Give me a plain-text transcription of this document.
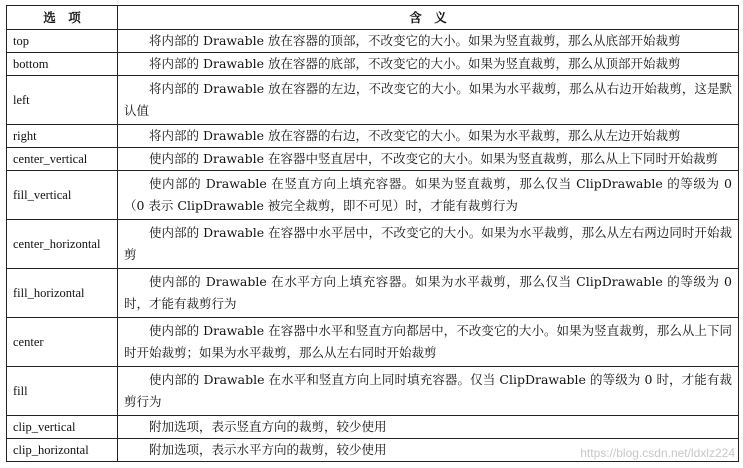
选　项	含　义
top	将内部的 Drawable 放在容器的顶部，不改变它的大小。如果为竖直裁剪，那么从底部开始裁剪
bottom	将内部的 Drawable 放在容器的底部，不改变它的大小。如果为竖直裁剪，那么从顶部开始裁剪
left	将内部的 Drawable 放在容器的左边，不改变它的大小。如果为水平裁剪，那么从右边开始裁剪，这是默认值
right	将内部的 Drawable 放在容器的右边，不改变它的大小。如果为水平裁剪，那么从左边开始裁剪
center_vertical	使内部的 Drawable 在容器中竖直居中，不改变它的大小。如果为竖直裁剪，那么从上下同时开始裁剪
fill_vertical	使内部的 Drawable 在竖直方向上填充容器。如果为竖直裁剪，那么仅当 ClipDrawable 的等级为 0（0 表示 ClipDrawable 被完全裁剪，即不可见）时，才能有裁剪行为
center_horizontal	使内部的 Drawable 在容器中水平居中，不改变它的大小。如果为水平裁剪，那么从左右两边同时开始裁剪
fill_horizontal	使内部的 Drawable 在水平方向上填充容器。如果为水平裁剪，那么仅当 ClipDrawable 的等级为 0 时，才能有裁剪行为
center	使内部的 Drawable 在容器中水平和竖直方向都居中，不改变它的大小。如果为竖直裁剪，那么从上下同时开始裁剪；如果为水平裁剪，那么从左右同时开始裁剪
fill	使内部的 Drawable 在水平和竖直方向上同时填充容器。仅当 ClipDrawable 的等级为 0 时，才能有裁剪行为
clip_vertical	附加选项，表示竖直方向的裁剪，较少使用
clip_horizontal	附加选项，表示水平方向的裁剪，较少使用	https://blog.csdn.net/ldxlz224
